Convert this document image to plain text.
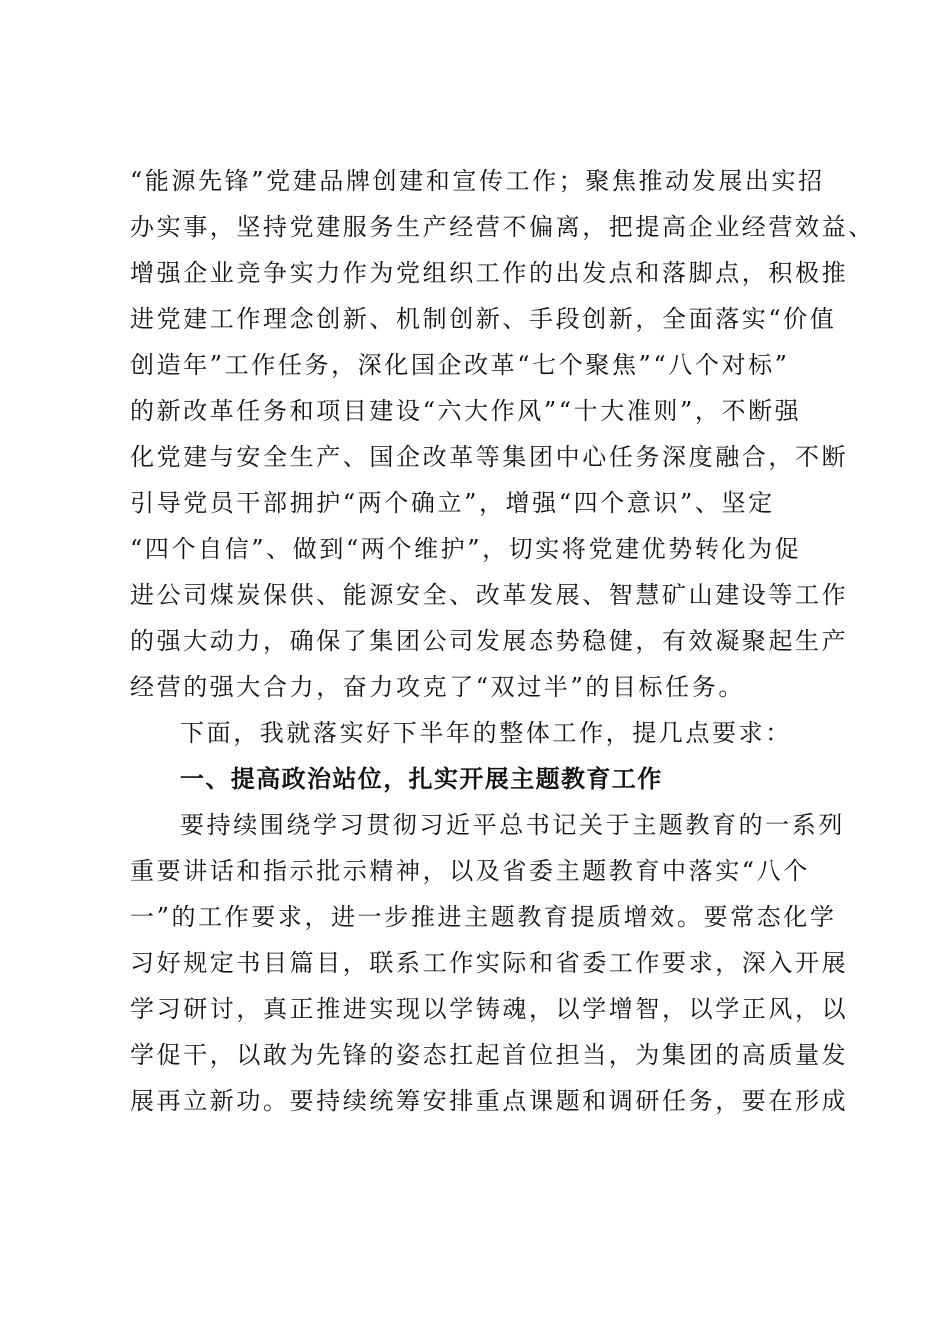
“能源先锋”党建品牌创建和宣传工作；聚焦推动发展出实招
办实事，坚持党建服务生产经营不偏离，把提高企业经营效益、
增强企业竞争实力作为党组织工作的出发点和落脚点，积极推
进党建工作理念创新、机制创新、手段创新，全面落实“价值
创造年”工作任务，深化国企改革“七个聚焦”“八个对标”
的新改革任务和项目建设“六大作风”“十大准则”，不断强
化党建与安全生产、国企改革等集团中心任务深度融合，不断
引导党员干部拥护“两个确立”，增强“四个意识”、坚定
“四个自信”、做到“两个维护”，切实将党建优势转化为促
进公司煤炭保供、能源安全、改革发展、智慧矿山建设等工作
的强大动力，确保了集团公司发展态势稳健，有效凝聚起生产
经营的强大合力，奋力攻克了“双过半”的目标任务。
下面，我就落实好下半年的整体工作，提几点要求：
一、提高政治站位，扎实开展主题教育工作
要持续围绕学习贯彻习近平总书记关于主题教育的一系列
重要讲话和指示批示精神，以及省委主题教育中落实“八个
一”的工作要求，进一步推进主题教育提质增效。要常态化学
习好规定书目篇目，联系工作实际和省委工作要求，深入开展
学习研讨，真正推进实现以学铸魂，以学增智，以学正风，以
学促干，以敢为先锋的姿态扛起首位担当，为集团的高质量发
展再立新功。要持续统筹安排重点课题和调研任务，要在形成
